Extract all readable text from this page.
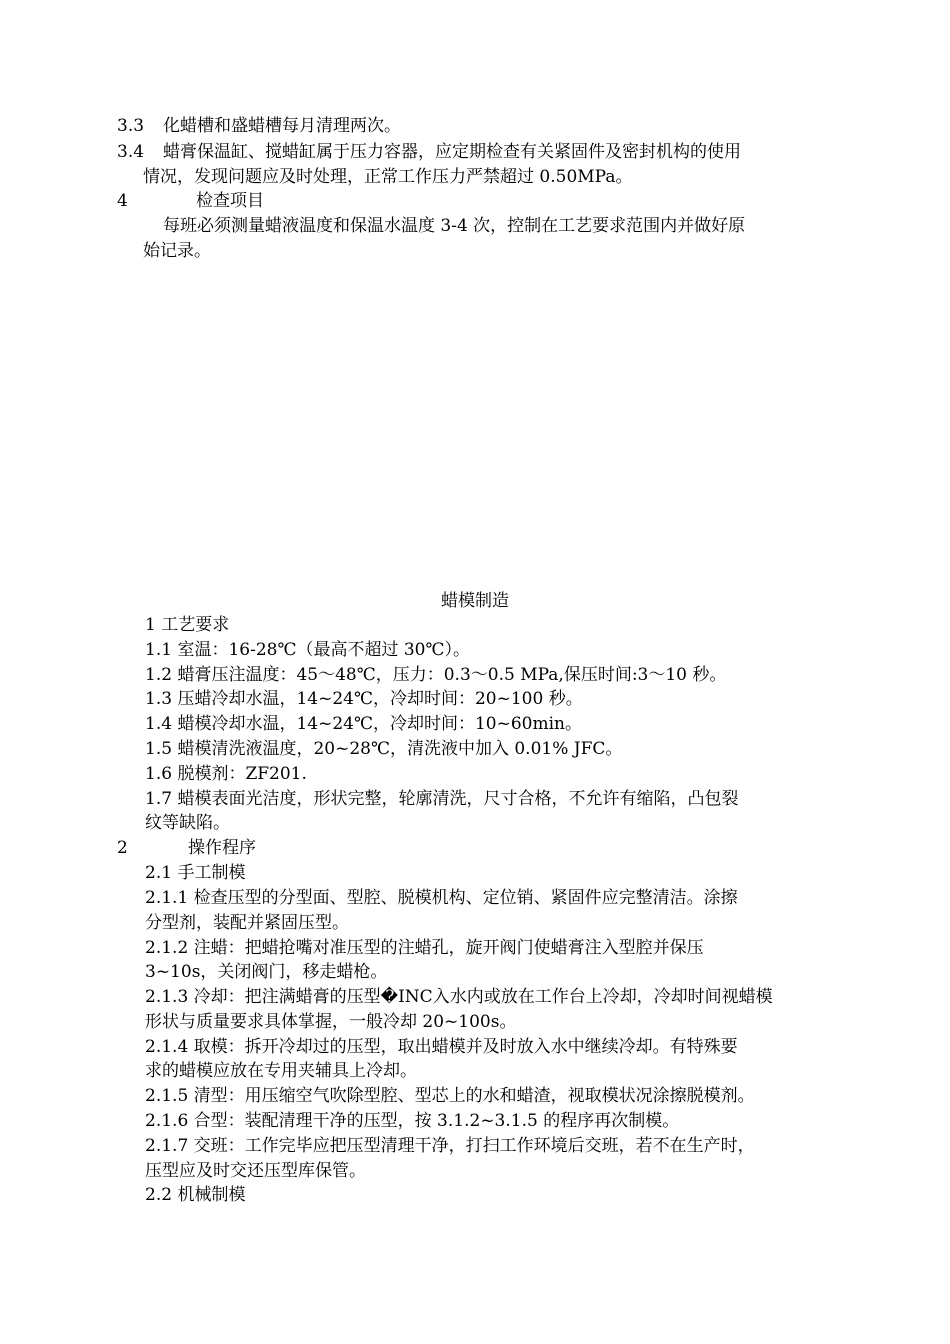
3.3 化蜡槽和盛蜡槽每月清理两次。
3.4 蜡膏保温缸、搅蜡缸属于压力容器，应定期检查有关紧固件及密封机构的使用
情况，发现问题应及时处理，正常工作压力严禁超过 0.50MPa。
4	检查项目
每班必须测量蜡液温度和保温水温度 3-4 次，控制在工艺要求范围内并做好原
始记录。
蜡模制造
1 工艺要求
1.1 室温：16-28℃（最高不超过 30℃）。
1.2 蜡膏压注温度：45～48℃，压力：0.3～0.5 MPa,保压时间:3～10 秒。
1.3 压蜡冷却水温，14~24℃，冷却时间：20~100 秒。
1.4 蜡模冷却水温，14~24℃，冷却时间：10~60min。
1.5 蜡模清洗液温度，20~28℃，清洗液中加入 0.01% JFC。
1.6 脱模剂：ZF201.
1.7 蜡模表面光洁度，形状完整，轮廓清洗，尺寸合格，不允许有缩陷，凸包裂
纹等缺陷。
2	操作程序
2.1 手工制模
2.1.1 检查压型的分型面、型腔、脱模机构、定位销、紧固件应完整清洁。涂擦
分型剂，装配并紧固压型。
2.1.2 注蜡：把蜡抢嘴对准压型的注蜡孔，旋开阀门使蜡膏注入型腔并保压
3~10s，关闭阀门，移走蜡枪。
2.1.3 冷却：把注满蜡膏的压型�INC入水内或放在工作台上冷却，冷却时间视蜡模
形状与质量要求具体掌握，一般冷却 20~100s。
2.1.4 取模：拆开冷却过的压型，取出蜡模并及时放入水中继续冷却。有特殊要
求的蜡模应放在专用夹辅具上冷却。
2.1.5 清型：用压缩空气吹除型腔、型芯上的水和蜡渣，视取模状况涂擦脱模剂。
2.1.6 合型：装配清理干净的压型，按 3.1.2~3.1.5 的程序再次制模。
2.1.7 交班：工作完毕应把压型清理干净，打扫工作环境后交班，若不在生产时，
压型应及时交还压型库保管。
2.2 机械制模
